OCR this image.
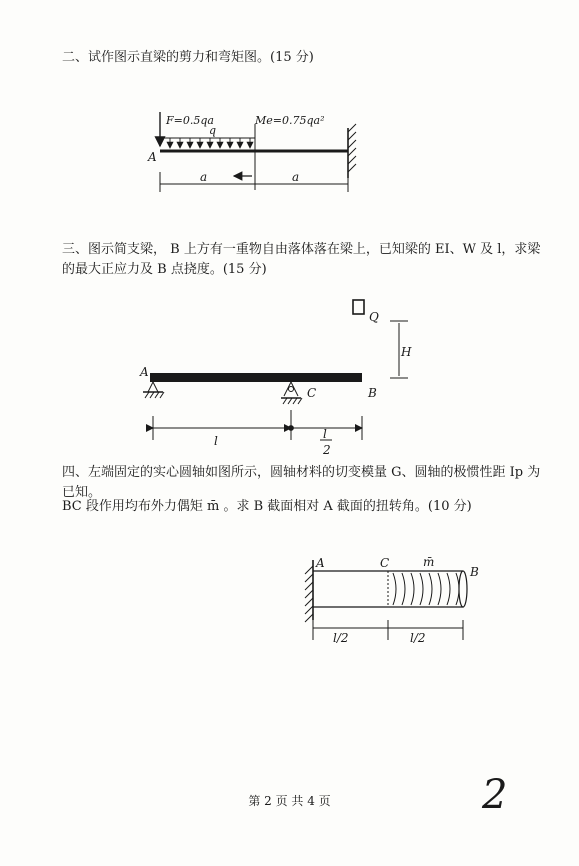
二、试作图示直梁的剪力和弯矩图。(15 分)
三、图示简支梁， B 上方有一重物自由落体落在梁上，已知梁的 EI、W 及 l，求梁的最大正应力及 B 点挠度。(15 分)
四、左端固定的实心圆轴如图所示，圆轴材料的切变模量 G、圆轴的极惯性距 Ip 为已知。
BC 段作用均布外力偶矩 m̄ 。求 B 截面相对 A 截面的扭转角。(10 分)
F=0.5qa
q
Me=0.75qa²
A
a	a
Q
H
A
C	B
l	l
2
A	C
B
m̄
l/2	l/2
2
第 2 页 共 4 页
